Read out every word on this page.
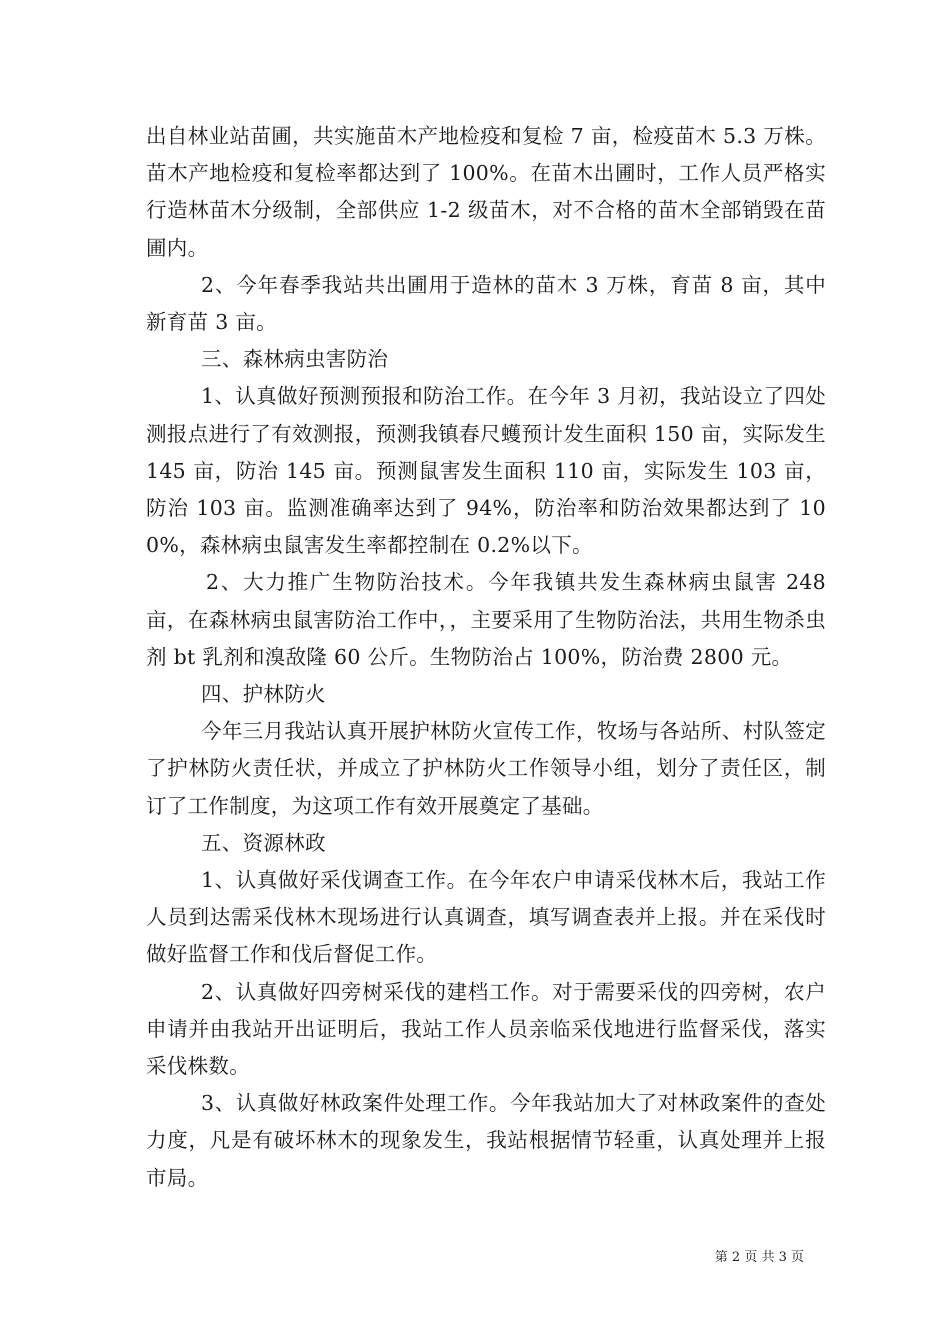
出自林业站苗圃，共实施苗木产地检疫和复检 7 亩，检疫苗木 5.3 万株。苗木产地检疫和复检率都达到了 100%。在苗木出圃时，工作人员严格实行造林苗木分级制，全部供应 1-2 级苗木，对不合格的苗木全部销毁在苗圃内。

2、今年春季我站共出圃用于造林的苗木 3 万株，育苗 8 亩，其中新育苗 3 亩。

三、森林病虫害防治

1、认真做好预测预报和防治工作。在今年 3 月初，我站设立了四处测报点进行了有效测报，预测我镇春尺蠖预计发生面积 150 亩，实际发生 145 亩，防治 145 亩。预测鼠害发生面积 110 亩，实际发生 103 亩，防治 103 亩。监测准确率达到了 94%，防治率和防治效果都达到了 100%，森林病虫鼠害发生率都控制在 0.2%以下。

2、大力推广生物防治技术。今年我镇共发生森林病虫鼠害 248 亩，在森林病虫鼠害防治工作中，，主要采用了生物防治法，共用生物杀虫剂 bt 乳剂和溴敌隆 60 公斤。生物防治占 100%，防治费 2800 元。

四、护林防火

今年三月我站认真开展护林防火宣传工作，牧场与各站所、村队签定了护林防火责任状，并成立了护林防火工作领导小组，划分了责任区，制订了工作制度，为这项工作有效开展奠定了基础。

五、资源林政

1、认真做好采伐调查工作。在今年农户申请采伐林木后，我站工作人员到达需采伐林木现场进行认真调查，填写调查表并上报。并在采伐时做好监督工作和伐后督促工作。

2、认真做好四旁树采伐的建档工作。对于需要采伐的四旁树，农户申请并由我站开出证明后，我站工作人员亲临采伐地进行监督采伐，落实采伐株数。

3、认真做好林政案件处理工作。今年我站加大了对林政案件的查处力度，凡是有破坏林木的现象发生，我站根据情节轻重，认真处理并上报市局。

第 2 页 共 3 页
